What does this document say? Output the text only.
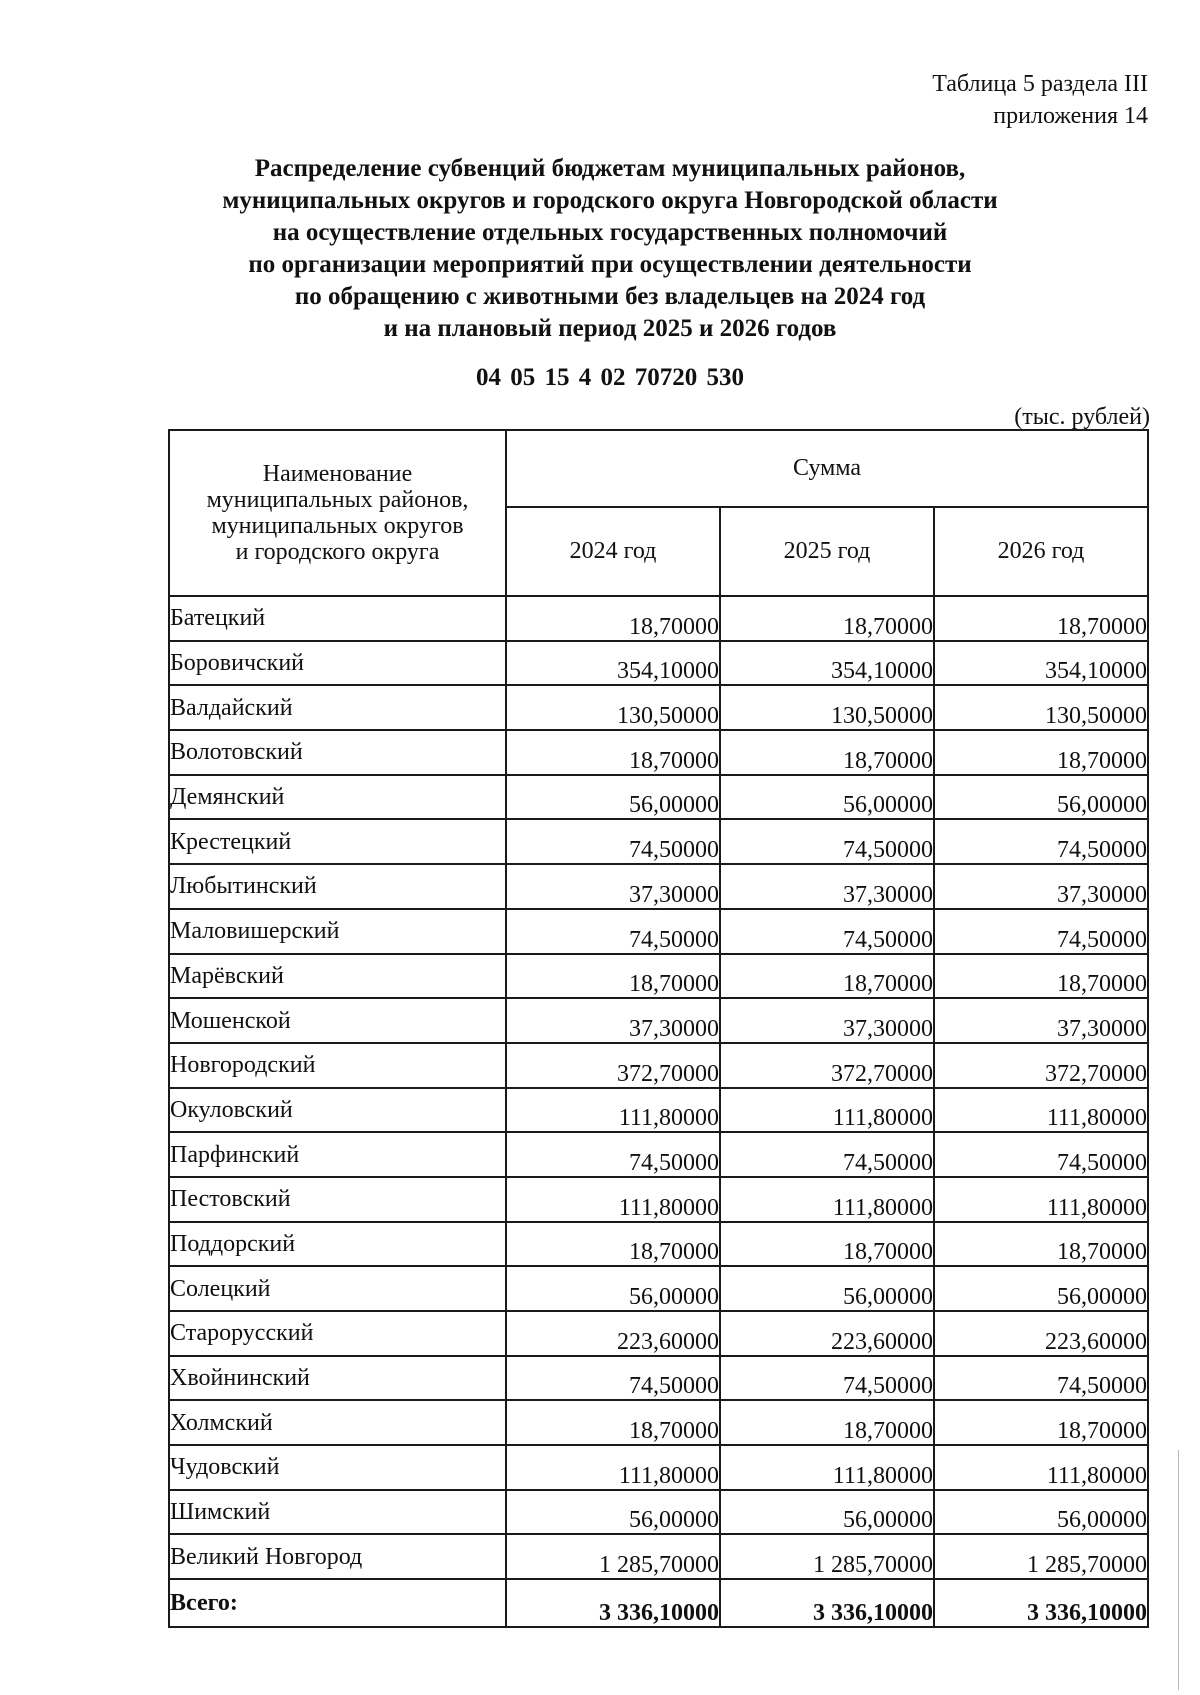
Таблица 5 раздела III
приложения 14
Распределение субвенций бюджетам муниципальных районов,
муниципальных округов и городского округа Новгородской области
на осуществление отдельных государственных полномочий
по организации мероприятий при осуществлении деятельности
по обращению с животными без владельцев на 2024 год
и на плановый период 2025 и 2026 годов
04 05 15 4 02 70720 530
(тыс. рублей)
Наименование
муниципальных районов,
муниципальных округов
и городского округа	Сумма		
	2024 год	2025 год	2026 год
Батецкий	18,70000	18,70000	18,70000
Боровичский	354,10000	354,10000	354,10000
Валдайский	130,50000	130,50000	130,50000
Волотовский	18,70000	18,70000	18,70000
Демянский	56,00000	56,00000	56,00000
Крестецкий	74,50000	74,50000	74,50000
Любытинский	37,30000	37,30000	37,30000
Маловишерский	74,50000	74,50000	74,50000
Марёвский	18,70000	18,70000	18,70000
Мошенской	37,30000	37,30000	37,30000
Новгородский	372,70000	372,70000	372,70000
Окуловский	111,80000	111,80000	111,80000
Парфинский	74,50000	74,50000	74,50000
Пестовский	111,80000	111,80000	111,80000
Поддорский	18,70000	18,70000	18,70000
Солецкий	56,00000	56,00000	56,00000
Старорусский	223,60000	223,60000	223,60000
Хвойнинский	74,50000	74,50000	74,50000
Холмский	18,70000	18,70000	18,70000
Чудовский	111,80000	111,80000	111,80000
Шимский	56,00000	56,00000	56,00000
Великий Новгород	1 285,70000	1 285,70000	1 285,70000
Всего:	3 336,10000	3 336,10000	3 336,10000
